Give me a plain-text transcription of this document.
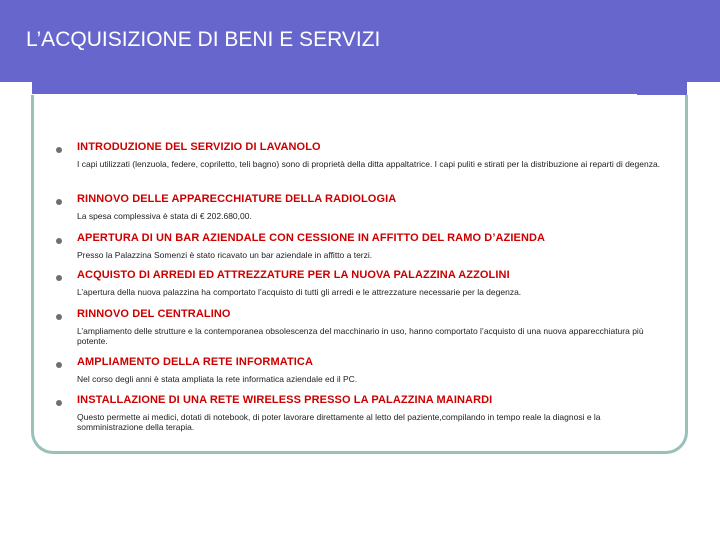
L’ACQUISIZIONE DI BENI E SERVIZI
INTRODUZIONE DEL SERVIZIO DI LAVANOLO

I capi utilizzati (lenzuola, federe, copriletto, teli bagno) sono di proprietà della ditta appaltatrice. I capi puliti e stirati per la distribuzione ai reparti di degenza.

RINNOVO DELLE APPARECCHIATURE DELLA RADIOLOGIA

La spesa complessiva è stata di € 202.680,00.

APERTURA DI UN BAR AZIENDALE CON CESSIONE IN AFFITTO DEL RAMO D’AZIENDA

Presso la Palazzina Somenzi è stato ricavato un bar aziendale in affitto a terzi.

ACQUISTO DI ARREDI ED ATTREZZATURE PER LA NUOVA PALAZZINA AZZOLINI

L’apertura della nuova palazzina ha comportato l’acquisto di tutti gli arredi e le attrezzature necessarie per la degenza.

RINNOVO DEL CENTRALINO

L’ampliamento delle strutture e la contemporanea obsolescenza del macchinario in uso, hanno comportato l’acquisto di una nuova apparecchiatura più potente.

AMPLIAMENTO DELLA RETE INFORMATICA

Nel corso degli anni è stata ampliata la rete informatica aziendale ed il PC.

INSTALLAZIONE DI UNA RETE WIRELESS PRESSO LA PALAZZINA MAINARDI

Questo permette ai medici, dotati di notebook, di poter lavorare direttamente al letto del paziente,compilando in tempo reale la diagnosi e la somministrazione della terapia.
